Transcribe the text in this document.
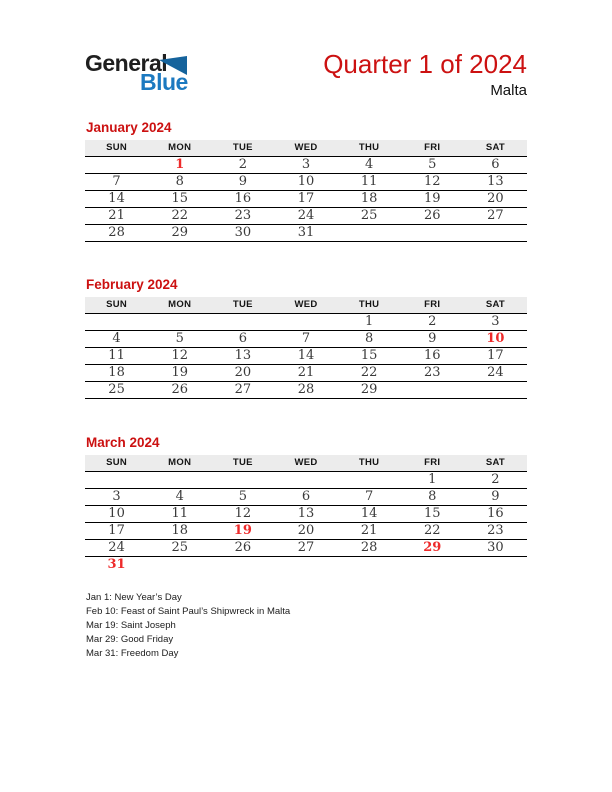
General
Blue
Quarter 1 of 2024
Malta
January 2024
SUN	MON	TUE	WED	THU	FRI	SAT
	1	2	3	4	5	6
7	8	9	10	11	12	13
14	15	16	17	18	19	20
21	22	23	24	25	26	27
28	29	30	31			
February 2024
SUN	MON	TUE	WED	THU	FRI	SAT
				1	2	3
4	5	6	7	8	9	10
11	12	13	14	15	16	17
18	19	20	21	22	23	24
25	26	27	28	29		
March 2024
SUN	MON	TUE	WED	THU	FRI	SAT
					1	2
3	4	5	6	7	8	9
10	11	12	13	14	15	16
17	18	19	20	21	22	23
24	25	26	27	28	29	30
31						
Jan 1: New Year’s Day
Feb 10: Feast of Saint Paul’s Shipwreck in Malta
Mar 19: Saint Joseph
Mar 29: Good Friday
Mar 31: Freedom Day
